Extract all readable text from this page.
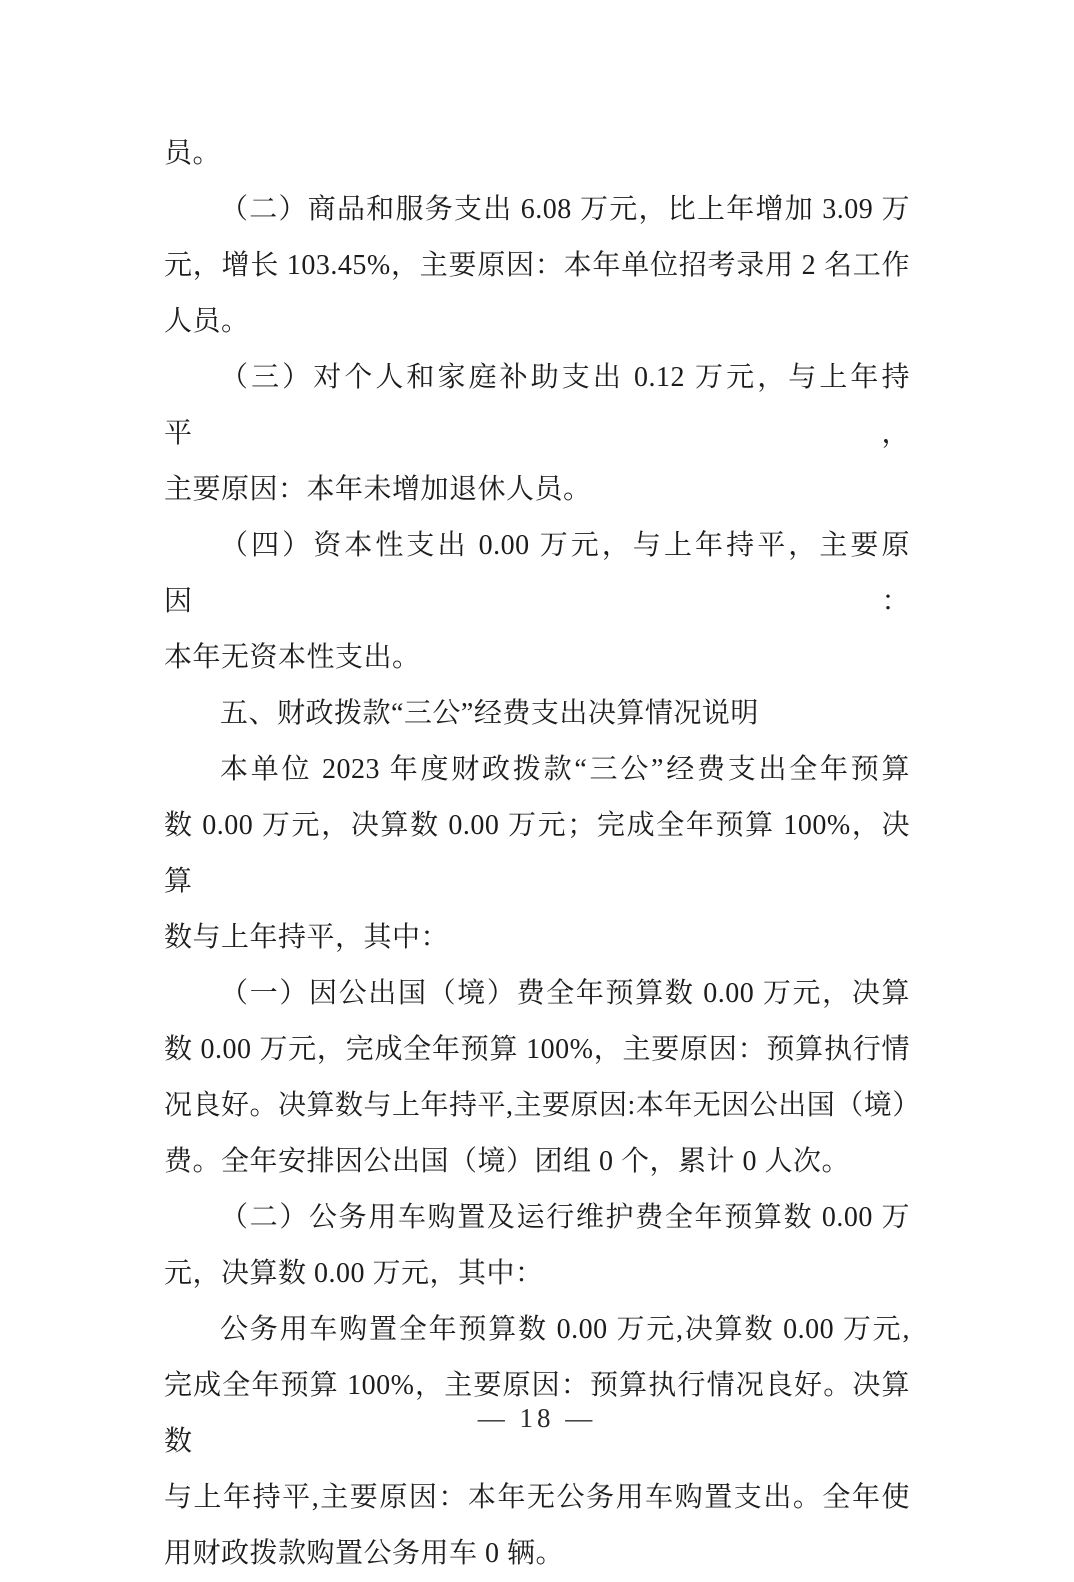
员。
（二）商品和服务支出 6.08 万元，比上年增加 3.09 万
元，增长 103.45%，主要原因：本年单位招考录用 2 名工作
人员。
（三）对个人和家庭补助支出 0.12 万元，与上年持平，
主要原因：本年未增加退休人员。
（四）资本性支出 0.00 万元，与上年持平，主要原因：
本年无资本性支出。
五、财政拨款“三公”经费支出决算情况说明
本单位 2023 年度财政拨款“三公”经费支出全年预算
数 0.00 万元，决算数 0.00 万元；完成全年预算 100%，决算
数与上年持平，其中：
（一）因公出国（境）费全年预算数 0.00 万元，决算
数 0.00 万元，完成全年预算 100%，主要原因：预算执行情
况良好。决算数与上年持平,主要原因:本年无因公出国（境）
费。全年安排因公出国（境）团组 0 个，累计 0 人次。
（二）公务用车购置及运行维护费全年预算数 0.00 万
元，决算数 0.00 万元，其中：
公务用车购置全年预算数 0.00 万元,决算数 0.00 万元,
完成全年预算 100%，主要原因：预算执行情况良好。决算数
与上年持平,主要原因：本年无公务用车购置支出。全年使
用财政拨款购置公务用车 0 辆。
— 18 —
